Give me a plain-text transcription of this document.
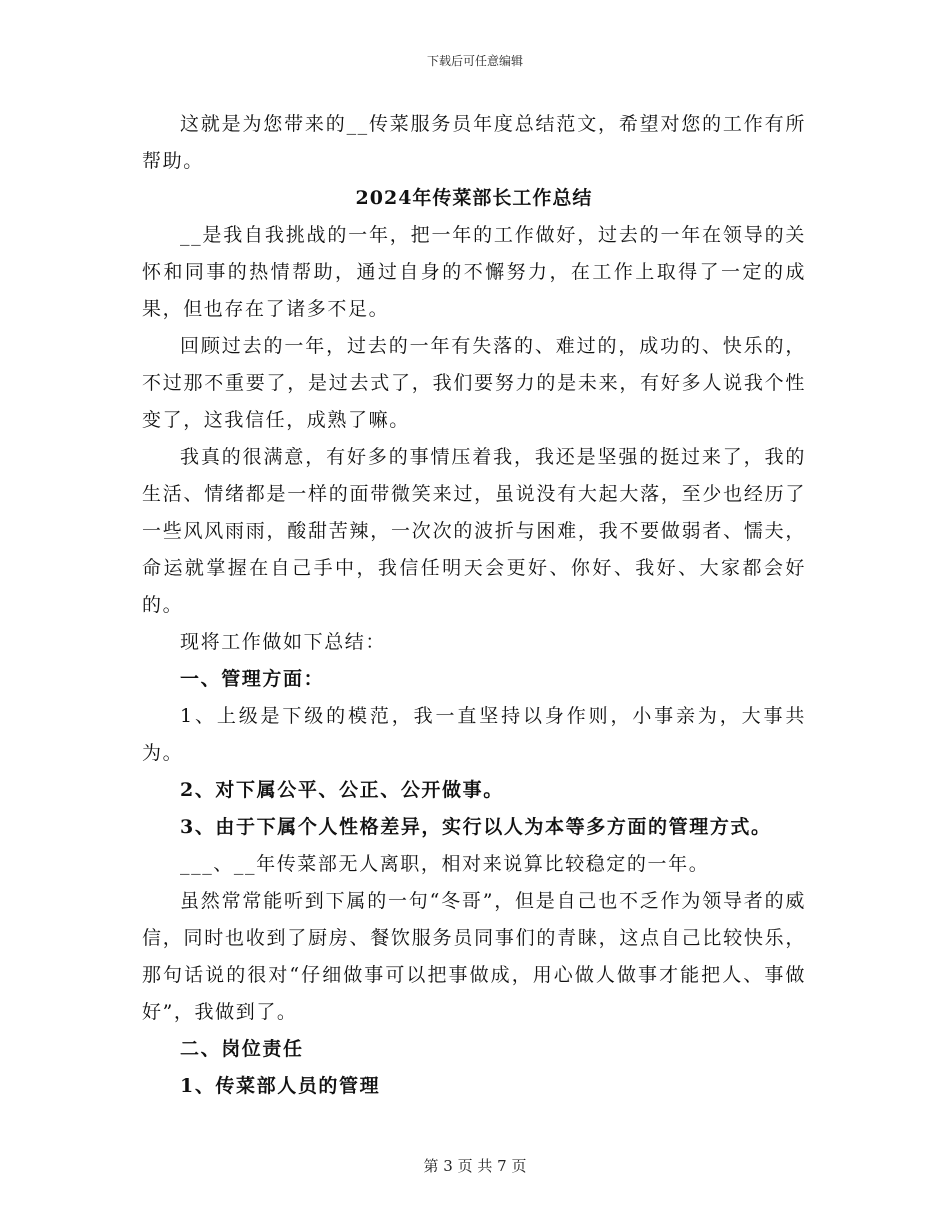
下载后可任意编辑

这就是为您带来的__传菜服务员年度总结范文，希望对您的工作有所帮助。

2024年传菜部长工作总结

__是我自我挑战的一年，把一年的工作做好，过去的一年在领导的关怀和同事的热情帮助，通过自身的不懈努力，在工作上取得了一定的成果，但也存在了诸多不足。

回顾过去的一年，过去的一年有失落的、难过的，成功的、快乐的，不过那不重要了，是过去式了，我们要努力的是未来，有好多人说我个性变了，这我信任，成熟了嘛。

我真的很满意，有好多的事情压着我，我还是坚强的挺过来了，我的生活、情绪都是一样的面带微笑来过，虽说没有大起大落，至少也经历了一些风风雨雨，酸甜苦辣，一次次的波折与困难，我不要做弱者、懦夫，命运就掌握在自己手中，我信任明天会更好、你好、我好、大家都会好的。

现将工作做如下总结：

一、管理方面：

1、上级是下级的模范，我一直坚持以身作则，小事亲为，大事共为。

2、对下属公平、公正、公开做事。

3、由于下属个人性格差异，实行以人为本等多方面的管理方式。

___、__年传菜部无人离职，相对来说算比较稳定的一年。

虽然常常能听到下属的一句“冬哥”，但是自己也不乏作为领导者的威信，同时也收到了厨房、餐饮服务员同事们的青睐，这点自己比较快乐，那句话说的很对“仔细做事可以把事做成，用心做人做事才能把人、事做好”，我做到了。

二、岗位责任

1、传菜部人员的管理

第 3 页 共 7 页
